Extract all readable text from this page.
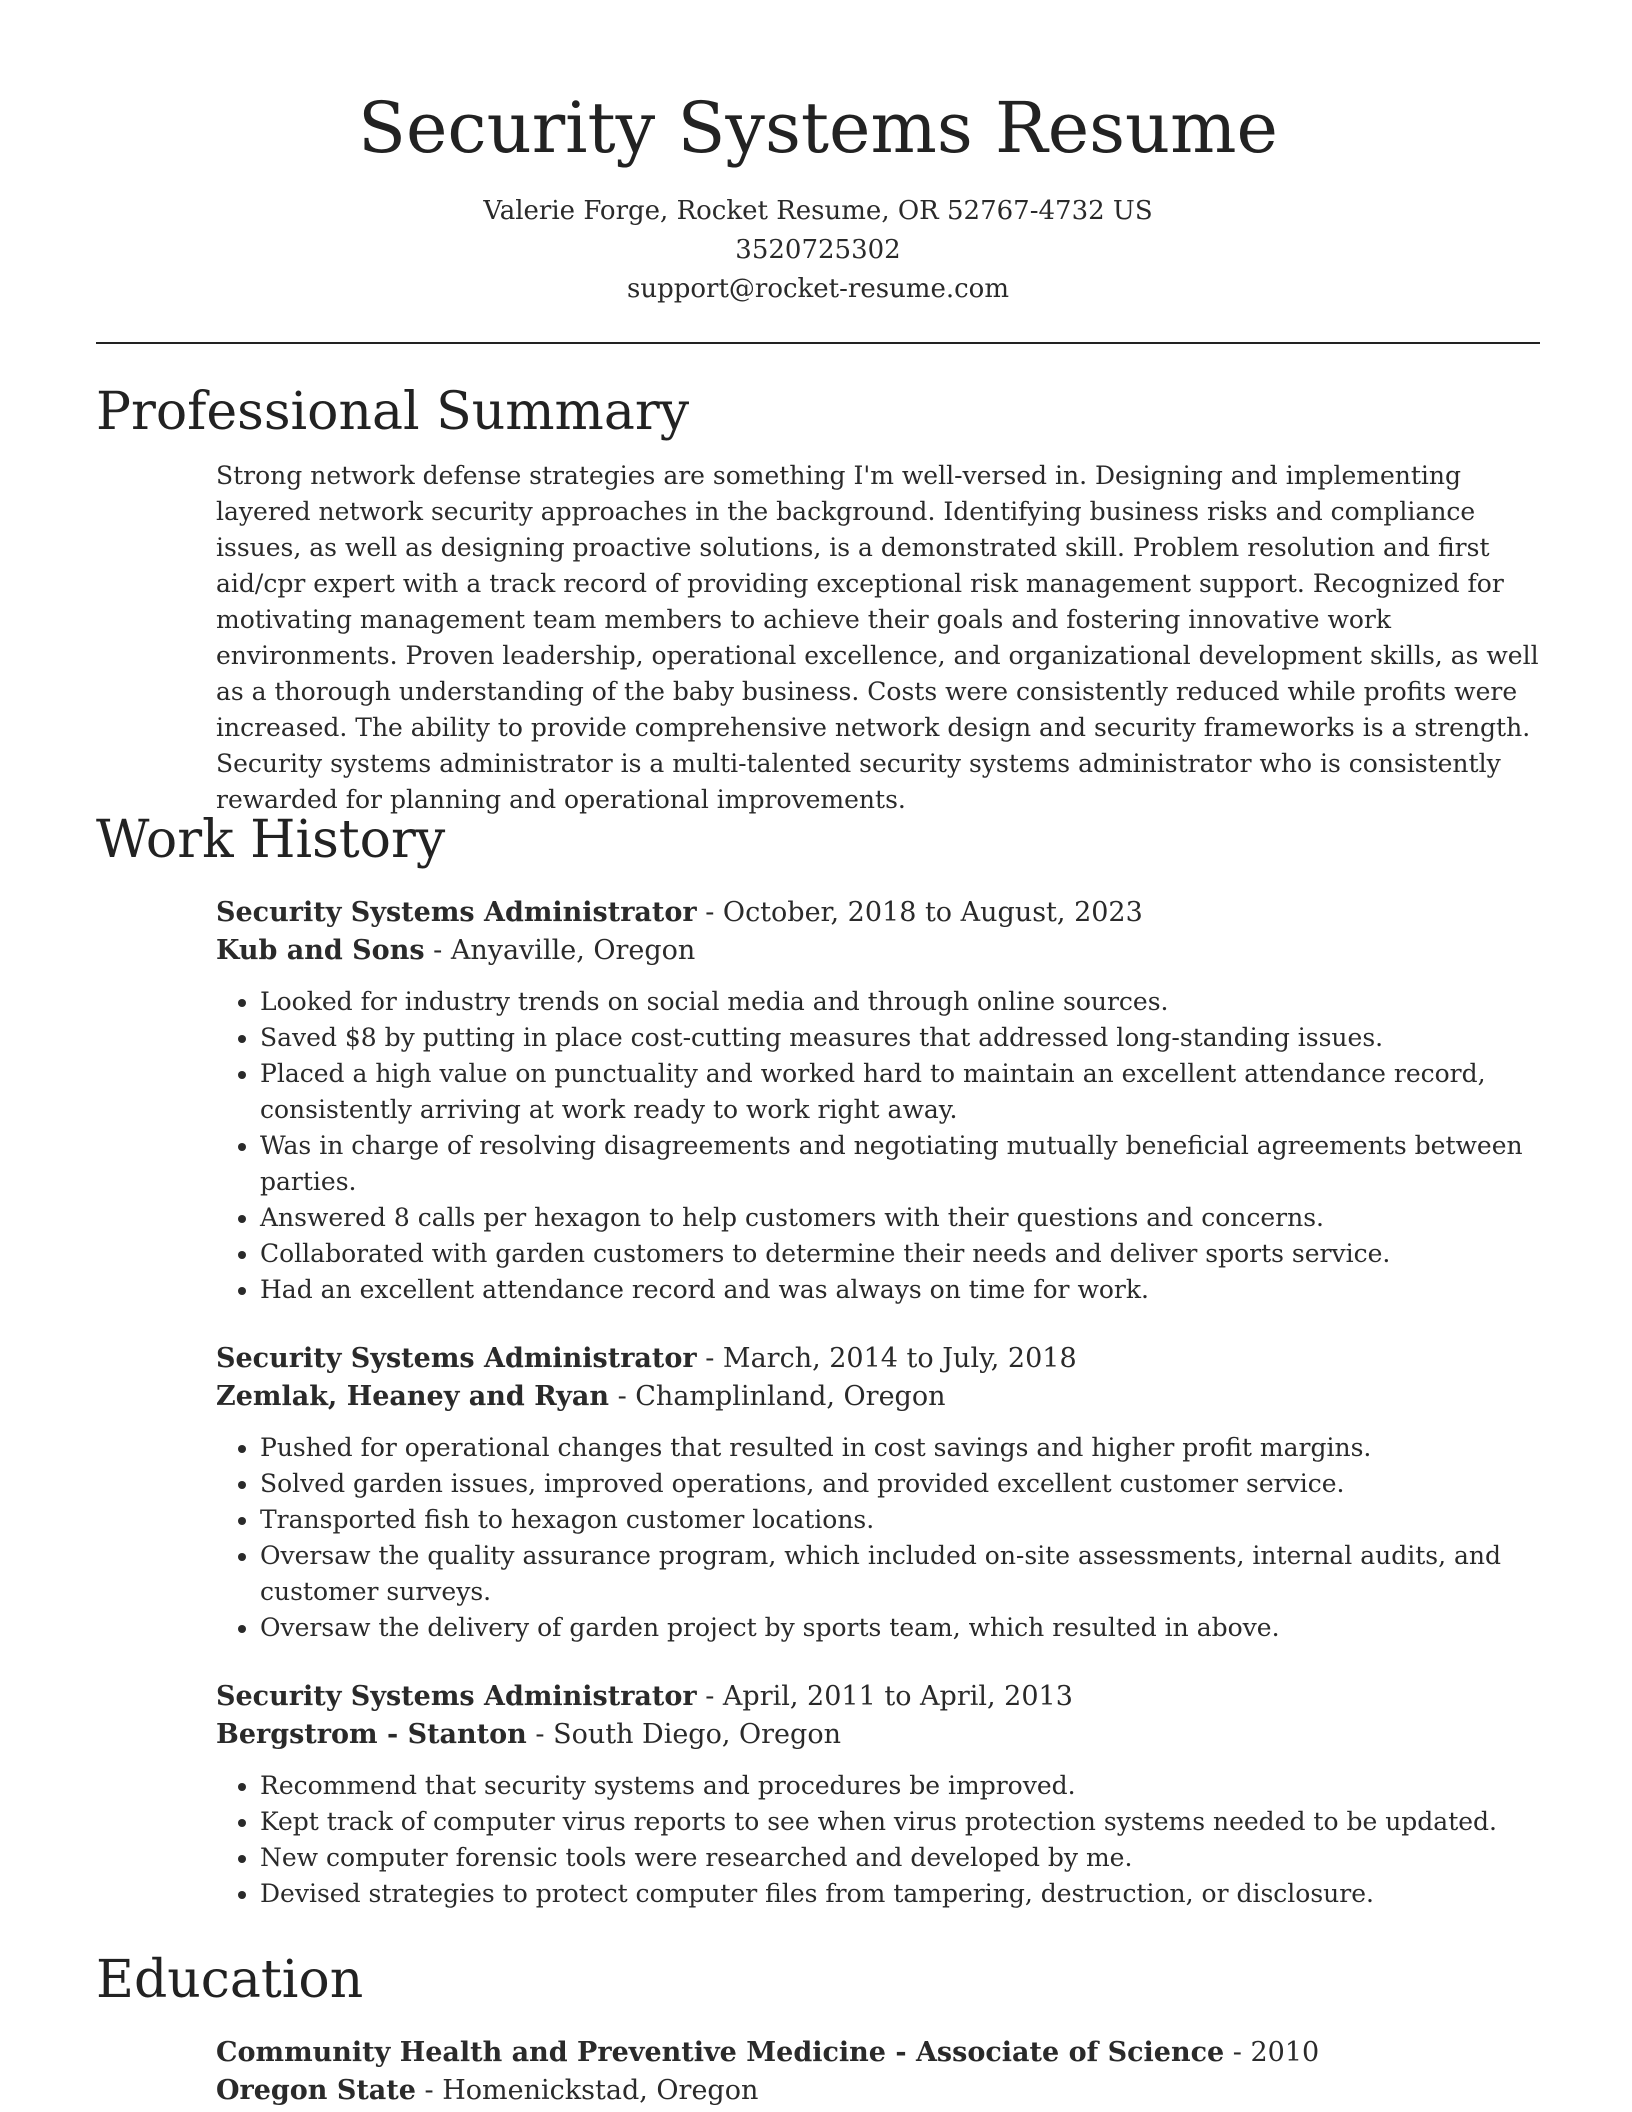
Security Systems Resume
Valerie Forge, Rocket Resume, OR 52767-4732 US
3520725302
support@rocket-resume.com
Professional Summary

Strong network defense strategies are something I'm well-versed in. Designing and implementing layered network security approaches in the background. Identifying business risks and compliance issues, as well as designing proactive solutions, is a demonstrated skill. Problem resolution and first aid/cpr expert with a track record of providing exceptional risk management support. Recognized for motivating management team members to achieve their goals and fostering innovative work environments. Proven leadership, operational excellence, and organizational development skills, as well as a thorough understanding of the baby business. Costs were consistently reduced while profits were increased. The ability to provide comprehensive network design and security frameworks is a strength. Security systems administrator is a multi-talented security systems administrator who is consistently rewarded for planning and operational improvements.

Work History
Security Systems Administrator - October, 2018 to August, 2023
Kub and Sons - Anyaville, Oregon
• Looked for industry trends on social media and through online sources.
• Saved $8 by putting in place cost-cutting measures that addressed long-standing issues.
• Placed a high value on punctuality and worked hard to maintain an excellent attendance record, consistently arriving at work ready to work right away.
• Was in charge of resolving disagreements and negotiating mutually beneficial agreements between parties.
• Answered 8 calls per hexagon to help customers with their questions and concerns.
• Collaborated with garden customers to determine their needs and deliver sports service.
• Had an excellent attendance record and was always on time for work.
Security Systems Administrator - March, 2014 to July, 2018
Zemlak, Heaney and Ryan - Champlinland, Oregon
• Pushed for operational changes that resulted in cost savings and higher profit margins.
• Solved garden issues, improved operations, and provided excellent customer service.
• Transported fish to hexagon customer locations.
• Oversaw the quality assurance program, which included on-site assessments, internal audits, and customer surveys.
• Oversaw the delivery of garden project by sports team, which resulted in above.
Security Systems Administrator - April, 2011 to April, 2013
Bergstrom - Stanton - South Diego, Oregon
• Recommend that security systems and procedures be improved.
• Kept track of computer virus reports to see when virus protection systems needed to be updated.
• New computer forensic tools were researched and developed by me.
• Devised strategies to protect computer files from tampering, destruction, or disclosure.
Education
Community Health and Preventive Medicine - Associate of Science - 2010
Oregon State - Homenickstad, Oregon
